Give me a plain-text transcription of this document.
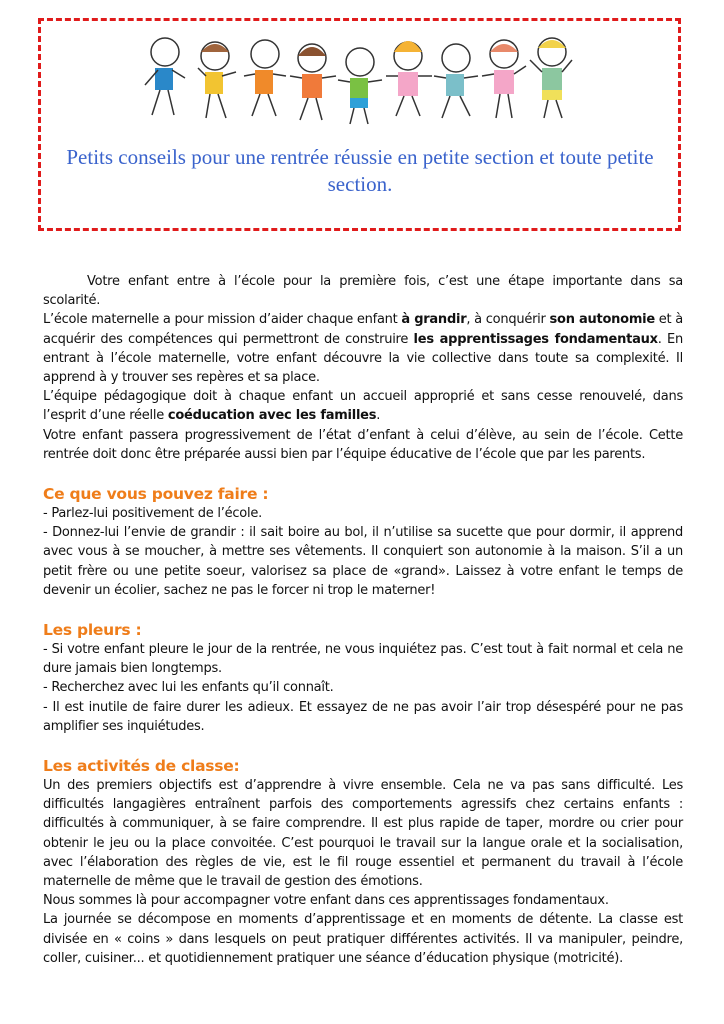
Petits conseils pour une rentrée réussie en petite section et toute petite section.

Votre enfant entre à l’école pour la première fois, c’est une étape importante dans sa scolarité.

L’école maternelle a pour mission d’aider chaque enfant à grandir, à conquérir son autonomie et à acquérir des compétences qui permettront de construire les apprentissages fondamentaux. En entrant à l’école maternelle, votre enfant découvre la vie collective dans toute sa complexité. Il apprend à y trouver ses repères et sa place.

L’équipe pédagogique doit à chaque enfant un accueil approprié et sans cesse renouvelé, dans l’esprit d’une réelle coéducation avec les familles.

Votre enfant passera progressivement de l’état d’enfant à celui d’élève, au sein de l’école. Cette rentrée doit donc être préparée aussi bien par l’équipe éducative de l’école que par les parents.

Ce que vous pouvez faire :

- Parlez-lui positivement de l’école.

- Donnez-lui l’envie de grandir : il sait boire au bol, il n’utilise sa sucette que pour dormir, il apprend avec vous à se moucher, à mettre ses vêtements. Il conquiert son autonomie à la maison. S’il a un petit frère ou une petite soeur, valorisez sa place de «grand». Laissez à votre enfant le temps de devenir un écolier, sachez ne pas le forcer ni trop le materner!

Les pleurs :

- Si votre enfant pleure le jour de la rentrée, ne vous inquiétez pas. C’est tout à fait normal et cela ne dure jamais bien longtemps.

- Recherchez avec lui les enfants qu’il connaît.

- Il est inutile de faire durer les adieux. Et essayez de ne pas avoir l’air trop désespéré pour ne pas amplifier ses inquiétudes.

Les activités de classe:

Un des premiers objectifs est d’apprendre à vivre ensemble. Cela ne va pas sans difficulté. Les difficultés langagières entraînent parfois des comportements agressifs chez certains enfants : difficultés à communiquer, à se faire comprendre. Il est plus rapide de taper, mordre ou crier pour obtenir le jeu ou la place convoitée. C’est pourquoi le travail sur la langue orale et la socialisation, avec l’élaboration des règles de vie, est le fil rouge essentiel et permanent du travail à l’école maternelle de même que le travail de gestion des émotions.

Nous sommes là pour accompagner votre enfant dans ces apprentissages fondamentaux.

La journée se décompose en moments d’apprentissage et en moments de détente. La classe est divisée en « coins » dans lesquels on peut pratiquer différentes activités. Il va manipuler, peindre, coller, cuisiner... et quotidiennement pratiquer une séance d’éducation physique (motricité).
